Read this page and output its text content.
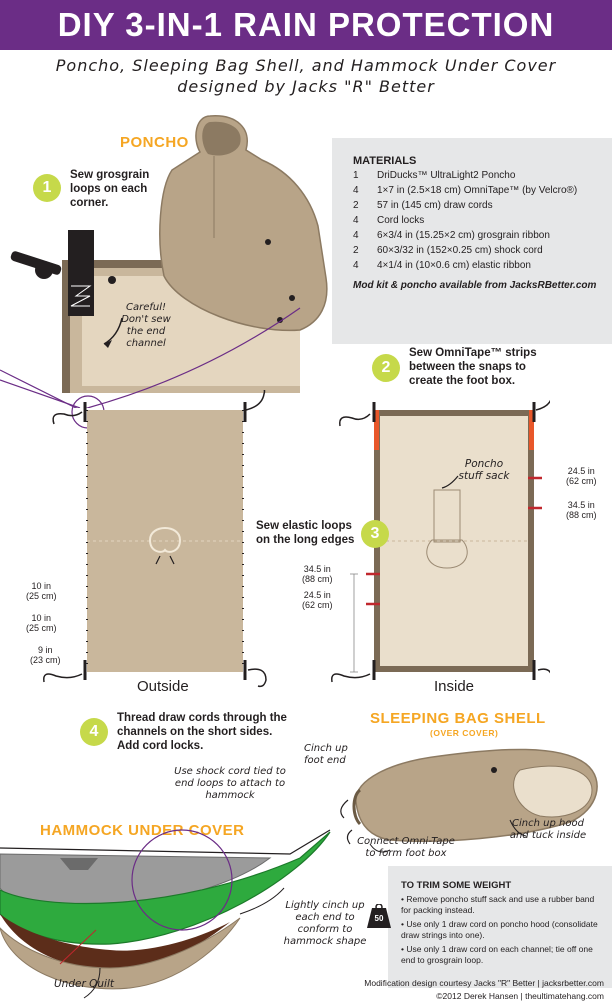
DIY 3-IN-1 RAIN PROTECTION
Poncho, Sleeping Bag Shell, and Hammock Under Cover
designed by Jacks "R" Better
PONCHO
1
Sew grosgrain loops on each corner.
Careful! Don't sew the end channel
MATERIALS
1 DriDucks™ UltraLight2 Poncho
4 1×7 in (2.5×18 cm) OmniTape™ (by Velcro®)
2 57 in (145 cm) draw cords
4 Cord locks
4 6×3/4 in (15.25×2 cm) grosgrain ribbon
2 60×3/32 in (152×0.25 cm) shock cord
4 4×1/4 in (10×0.6 cm) elastic ribbon
Mod kit & poncho available from JacksRBetter.com
2
Sew OmniTape™ strips between the snaps to create the foot box.
10 in
(25 cm)
10 in
(25 cm)
9 in
(23 cm)
Outside
Poncho stuff sack	24.5 in
(62 cm)
34.5 in
(88 cm)
34.5 in
(88 cm)
24.5 in
(62 cm)
Inside
Sew elastic loops on the long edges	3
4
Thread draw cords through the channels on the short sides. Add cord locks.
SLEEPING BAG SHELL
(OVER COVER)
Cinch up foot end
Connect Omni-Tape to form foot box
Cinch up hood and tuck inside
Use shock cord tied to end loops to attach to hammock
HAMMOCK UNDER COVER
Lightly cinch up each end to conform to hammock shape
Under Quilt
TO TRIM SOME WEIGHT
50
• Remove poncho stuff sack and use a rubber band for packing instead.
• Use only 1 draw cord on poncho hood (consolidate draw strings into one).
• Use only 1 draw cord on each channel; tie off one end to grosgrain loop.
Modification design courtesy Jacks "R" Better | jacksrbetter.com
©2012 Derek Hansen | theultimatehang.com
